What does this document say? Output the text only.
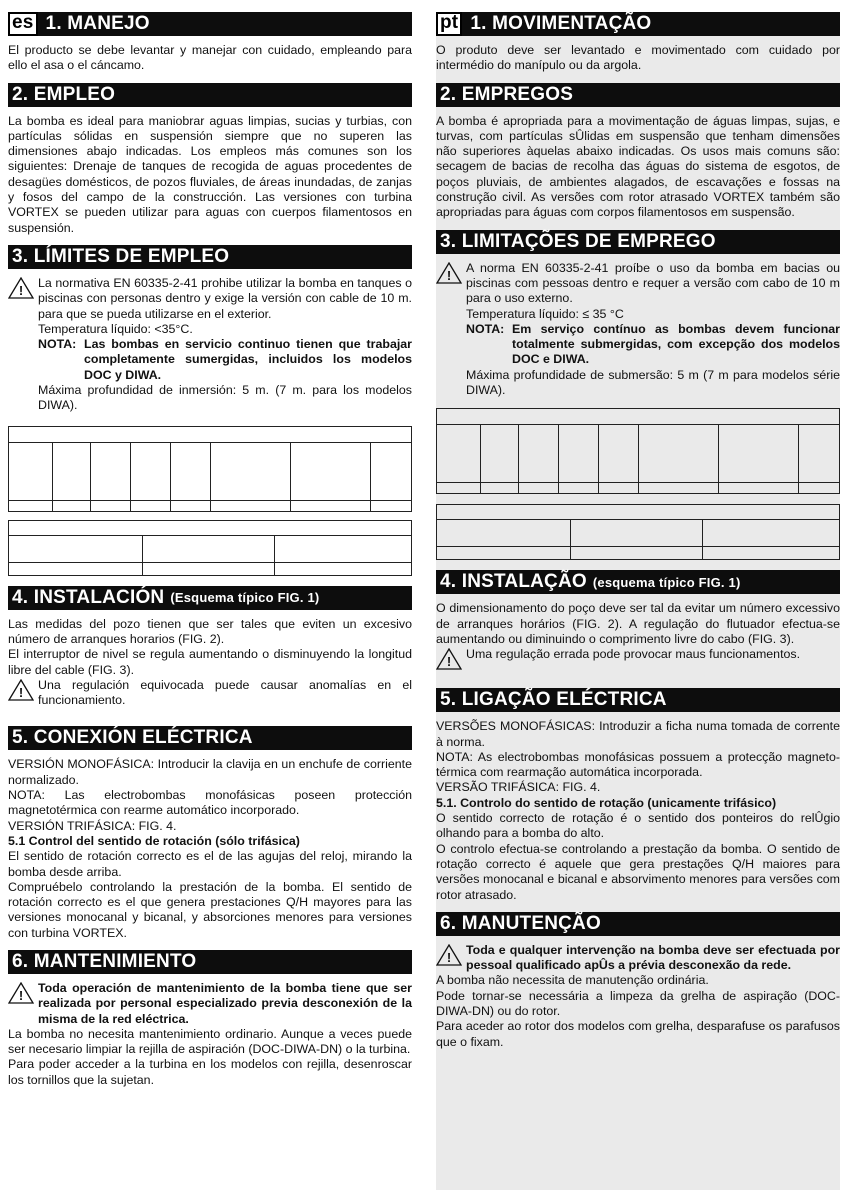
es 1. MANEJO

El producto se debe levantar y manejar con cuidado, empleando para ello el asa o el cáncamo.

2. EMPLEO

La bomba es ideal para maniobrar aguas limpias, sucias y turbias, con partículas sólidas en suspensión siempre que no superen las dimensiones abajo indicadas. Los empleos más comunes son los siguientes: Drenaje de tanques de recogida de aguas procedentes de desagües domésticos, de pozos fluviales, de áreas inundadas, de zanjas y fosos del campo de la construcción. Las versiones con turbina VORTEX se pueden utilizar para aguas con cuerpos filamentosos en suspensión.

3. LÍMITES DE EMPLEO
! La normativa EN 60335-2-41 prohibe utilizar la bomba en tanques o piscinas con personas dentro y exige la versión con cable de 10 m. para que se pueda utilizarse en el exterior.

Temperatura líquido: <35°C.

NOTA: Las bombas en servicio continuo tienen que trabajar completamente sumergidas, incluidos los modelos DOC y DIWA.

Máxima profundidad de inmersión: 5 m. (7 m. para los modelos DIWA).

4. INSTALACIÓN (Esquema típico FIG. 1)

Las medidas del pozo tienen que ser tales que eviten un excesivo número de arranques horarios (FIG. 2).

El interruptor de nivel se regula aumentando o disminuyendo la longitud libre del cable (FIG. 3).

! Una regulación equivocada puede causar anomalías en el funcionamiento.

5. CONEXIÓN ELÉCTRICA

VERSIÓN MONOFÁSICA: Introducir la clavija en un enchufe de corriente normalizado.

NOTA: Las electrobombas monofásicas poseen protección magnetotérmica con rearme automático incorporado.

VERSIÓN TRIFÁSICA: FIG. 4.

5.1 Control del sentido de rotación (sólo trifásica)

El sentido de rotación correcto es el de las agujas del reloj, mirando la bomba desde arriba.

Compruébelo controlando la prestación de la bomba. El sentido de rotación correcto es el que genera prestaciones Q/H mayores para las versiones monocanal y bicanal, y absorciones menores para versiones con turbina VORTEX.

6. MANTENIMIENTO
! Toda operación de mantenimiento de la bomba tiene que ser realizada por personal especializado previa desconexión de la misma de la red eléctrica.

La bomba no necesita mantenimiento ordinario. Aunque a veces puede ser necesario limpiar la rejilla de aspiración (DOC-DIWA-DN) o la turbina.

Para poder acceder a la turbina en los modelos con rejilla, desenroscar los tornillos que la sujetan.

pt 1. MOVIMENTAÇÃO

O produto deve ser levantado e movimentado com cuidado por intermédio do manípulo ou da argola.

2. EMPREGOS

A bomba é apropriada para a movimentação de águas limpas, sujas, e turvas, com partículas sÛlidas em suspensão que tenham dimensões não superiores àquelas abaixo indicadas. Os usos mais comuns são: secagem de bacias de recolha das águas do sistema de esgotos, de poços pluviais, de ambientes alagados, de escavações e fossas na construção civil. As versões com rotor atrasado VORTEX também são apropriadas para águas com corpos filamentosos em suspensão.

3. LIMITAÇÕES DE EMPREGO
! A norma EN 60335-2-41 proíbe o uso da bomba em bacias ou piscinas com pessoas dentro e requer a versão com cabo de 10 m para o uso externo.

Temperatura líquido: ≤ 35 °C

NOTA: Em serviço contínuo as bombas devem funcionar totalmente submergidas, com excepção dos modelos DOC e DIWA.

Máxima profundidade de submersão: 5 m (7 m para modelos série DIWA).

4. INSTALAÇÃO (esquema típico FIG. 1)

O dimensionamento do poço deve ser tal da evitar um número excessivo de arranques horários (FIG. 2). A regulação do flutuador efectua-se aumentando ou diminuindo o comprimento livre do cabo (FIG. 3).

! Uma regulação errada pode provocar maus funcionamentos.

5. LIGAÇÃO ELÉCTRICA

VERSÕES MONOFÁSICAS: Introduzir a ficha numa tomada de corrente à norma.

NOTA: As electrobombas monofásicas possuem a protecção magneto-térmica com rearmação automática incorporada.

VERSÃO TRIFÁSICA: FIG. 4.

5.1. Controlo do sentido de rotação (unicamente trifásico)

O sentido correcto de rotação é o sentido dos ponteiros do relÛgio olhando para a bomba do alto.

O controlo efectua-se controlando a prestação da bomba. O sentido de rotação correcto é aquele que gera prestações Q/H maiores para versões monocanal e bicanal e absorvimento menores para versões com rotor atrasado.

6. MANUTENÇÃO
! Toda e qualquer intervenção na bomba deve ser efectuada por pessoal qualificado apÛs a prévia desconexão da rede.

A bomba não necessita de manutenção ordinária.

Pode tornar-se necessária a limpeza da grelha de aspiração (DOC-DIWA-DN) ou do rotor.

Para aceder ao rotor dos modelos com grelha, desparafuse os parafusos que o fixam.
